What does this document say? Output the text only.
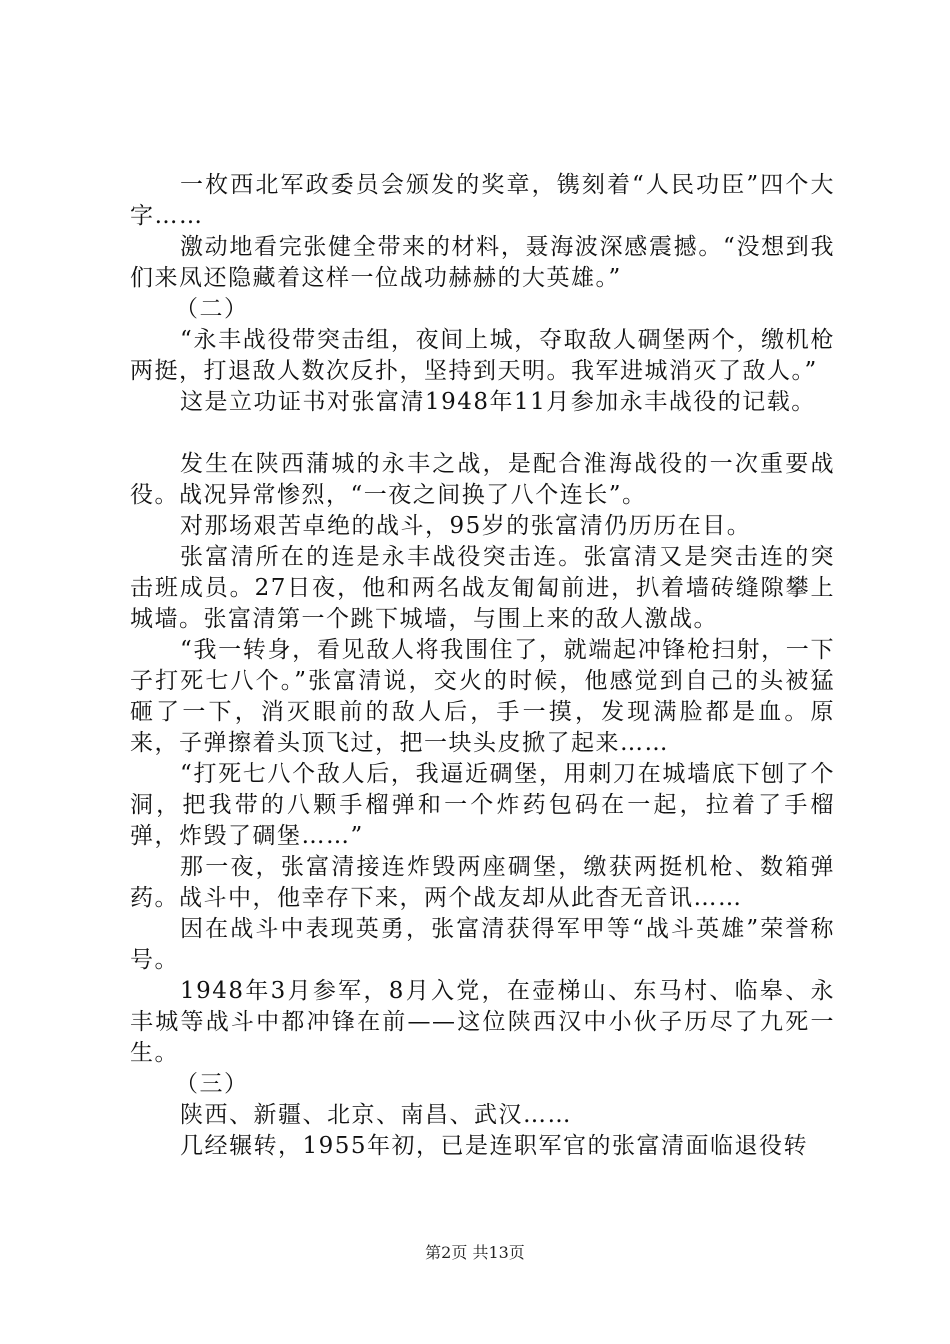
一枚西北军政委员会颁发的奖章，镌刻着“人民功臣”四个大字……

激动地看完张健全带来的材料，聂海波深感震撼。“没想到我们来凤还隐藏着这样一位战功赫赫的大英雄。”

（二）

“永丰战役带突击组，夜间上城，夺取敌人碉堡两个，缴机枪两挺，打退敌人数次反扑，坚持到天明。我军进城消灭了敌人。”

这是立功证书对张富清1948年11月参加永丰战役的记载。

发生在陕西蒲城的永丰之战，是配合淮海战役的一次重要战役。战况异常惨烈，“一夜之间换了八个连长”。

对那场艰苦卓绝的战斗，95岁的张富清仍历历在目。

张富清所在的连是永丰战役突击连。张富清又是突击连的突击班成员。27日夜，他和两名战友匍匐前进，扒着墙砖缝隙攀上城墙。张富清第一个跳下城墙，与围上来的敌人激战。

“我一转身，看见敌人将我围住了，就端起冲锋枪扫射，一下子打死七八个。”张富清说，交火的时候，他感觉到自己的头被猛砸了一下，消灭眼前的敌人后，手一摸，发现满脸都是血。原来，子弹擦着头顶飞过，把一块头皮掀了起来……

“打死七八个敌人后，我逼近碉堡，用刺刀在城墙底下刨了个洞，把我带的八颗手榴弹和一个炸药包码在一起，拉着了手榴弹，炸毁了碉堡……”

那一夜，张富清接连炸毁两座碉堡，缴获两挺机枪、数箱弹药。战斗中，他幸存下来，两个战友却从此杳无音讯……

因在战斗中表现英勇，张富清获得军甲等“战斗英雄”荣誉称号。

1948年3月参军，8月入党，在壶梯山、东马村、临皋、永丰城等战斗中都冲锋在前——这位陕西汉中小伙子历尽了九死一生。

（三）

陕西、新疆、北京、南昌、武汉……

几经辗转，1955年初，已是连职军官的张富清面临退役转

第2页 共13页
